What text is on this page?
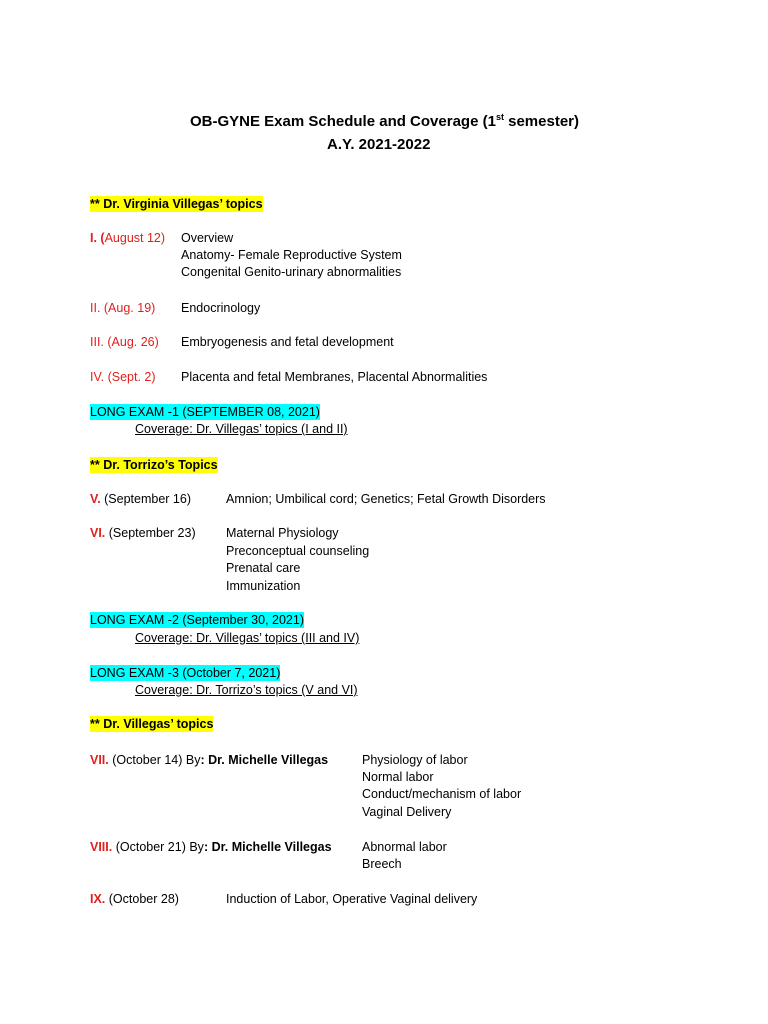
OB-GYNE Exam Schedule and Coverage (1st semester)
A.Y. 2021-2022
** Dr. Virginia Villegas’ topics
I. (August 12) Overview
Anatomy- Female Reproductive System
Congenital Genito-urinary abnormalities
II. (Aug. 19) Endocrinology
III. (Aug. 26) Embryogenesis and fetal development
IV. (Sept. 2) Placenta and fetal Membranes, Placental Abnormalities
LONG EXAM -1 (SEPTEMBER 08, 2021)
Coverage: Dr. Villegas’ topics (I and II)
** Dr. Torrizo’s Topics
V. (September 16)	Amnion; Umbilical cord; Genetics; Fetal Growth Disorders
VI. (September 23) Maternal Physiology
Preconceptual counseling
Prenatal care
Immunization
LONG EXAM -2 (September 30, 2021)
Coverage: Dr. Villegas’ topics (III and IV)
LONG EXAM -3 (October 7, 2021)
Coverage: Dr. Torrizo’s topics (V and VI)
** Dr. Villegas’ topics
VII. (October 14) By: Dr. Michelle Villegas	Physiology of labor
Normal labor
Conduct/mechanism of labor
Vaginal Delivery
VIII. (October 21) By: Dr. Michelle Villegas Abnormal labor
Breech
IX. (October 28)	Induction of Labor, Operative Vaginal delivery
